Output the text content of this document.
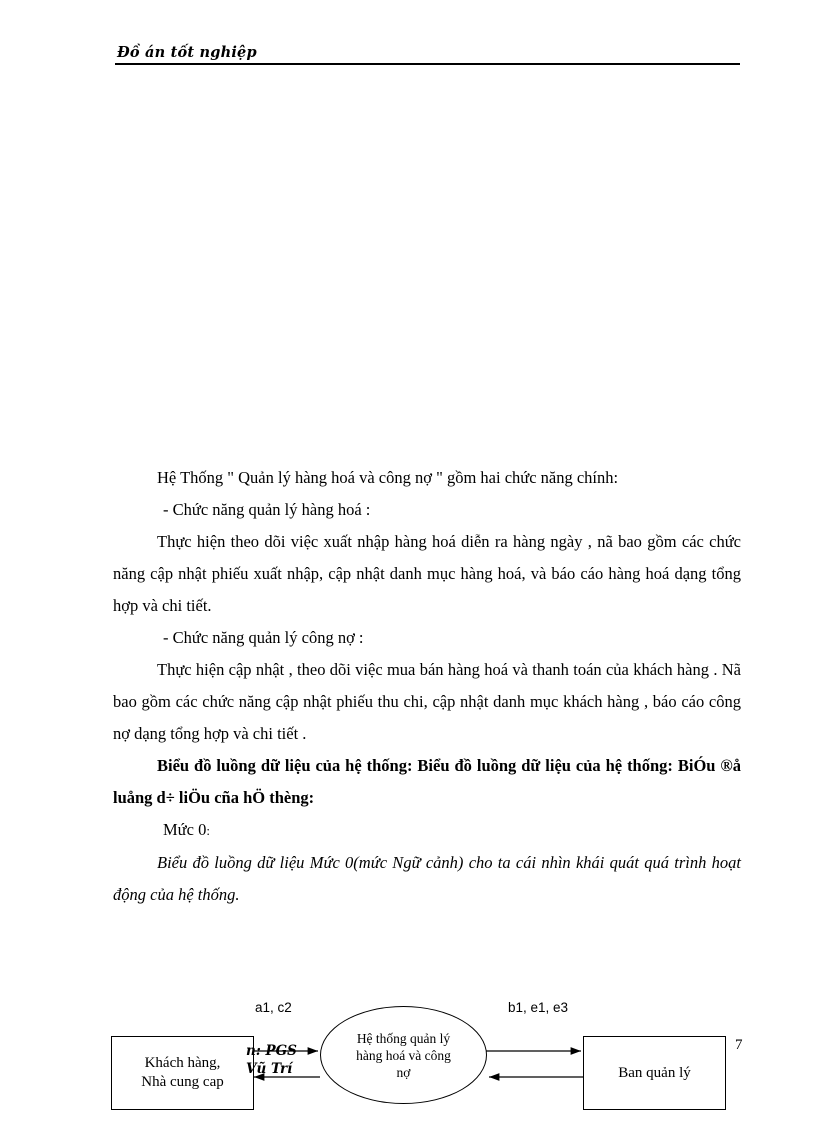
Đồ án tốt nghiệp
7

Hệ Thống " Quản lý hàng hoá và công nợ " gồm hai chức năng chính:

- Chức năng quản lý hàng hoá :

Thực hiện theo dõi việc xuất nhập hàng hoá diễn ra hàng ngày , nã bao gồm các chức năng cập nhật phiếu xuất nhập, cập nhật danh mục hàng hoá, và báo cáo hàng hoá dạng tổng hợp và chi tiết.

- Chức năng quản lý công nợ :

Thực hiện cập nhật , theo dõi việc mua bán hàng hoá và thanh toán của khách hàng . Nã bao gồm các chức năng cập nhật phiếu thu chi, cập nhật danh mục khách hàng , báo cáo công nợ dạng tổng hợp và chi tiết .

Biểu đồ luồng dữ liệu của hệ thống: Biểu đồ luồng dữ liệu của hệ thống: BiÓu ®å luång d÷ liÖu cña hÖ thèng:

Mức 0:

Biểu đồ luồng dữ liệu Mức 0(mức Ngữ cảnh) cho ta cái nhìn khái quát quá trình hoạt động của hệ thống.

a1, c2	b1, e1, e3
Khách hàng,
Nhà cung cap
Hệ thống quản lý
hàng hoá và công
nợ	Ban quản lý
n: PGS
Vũ Trí
